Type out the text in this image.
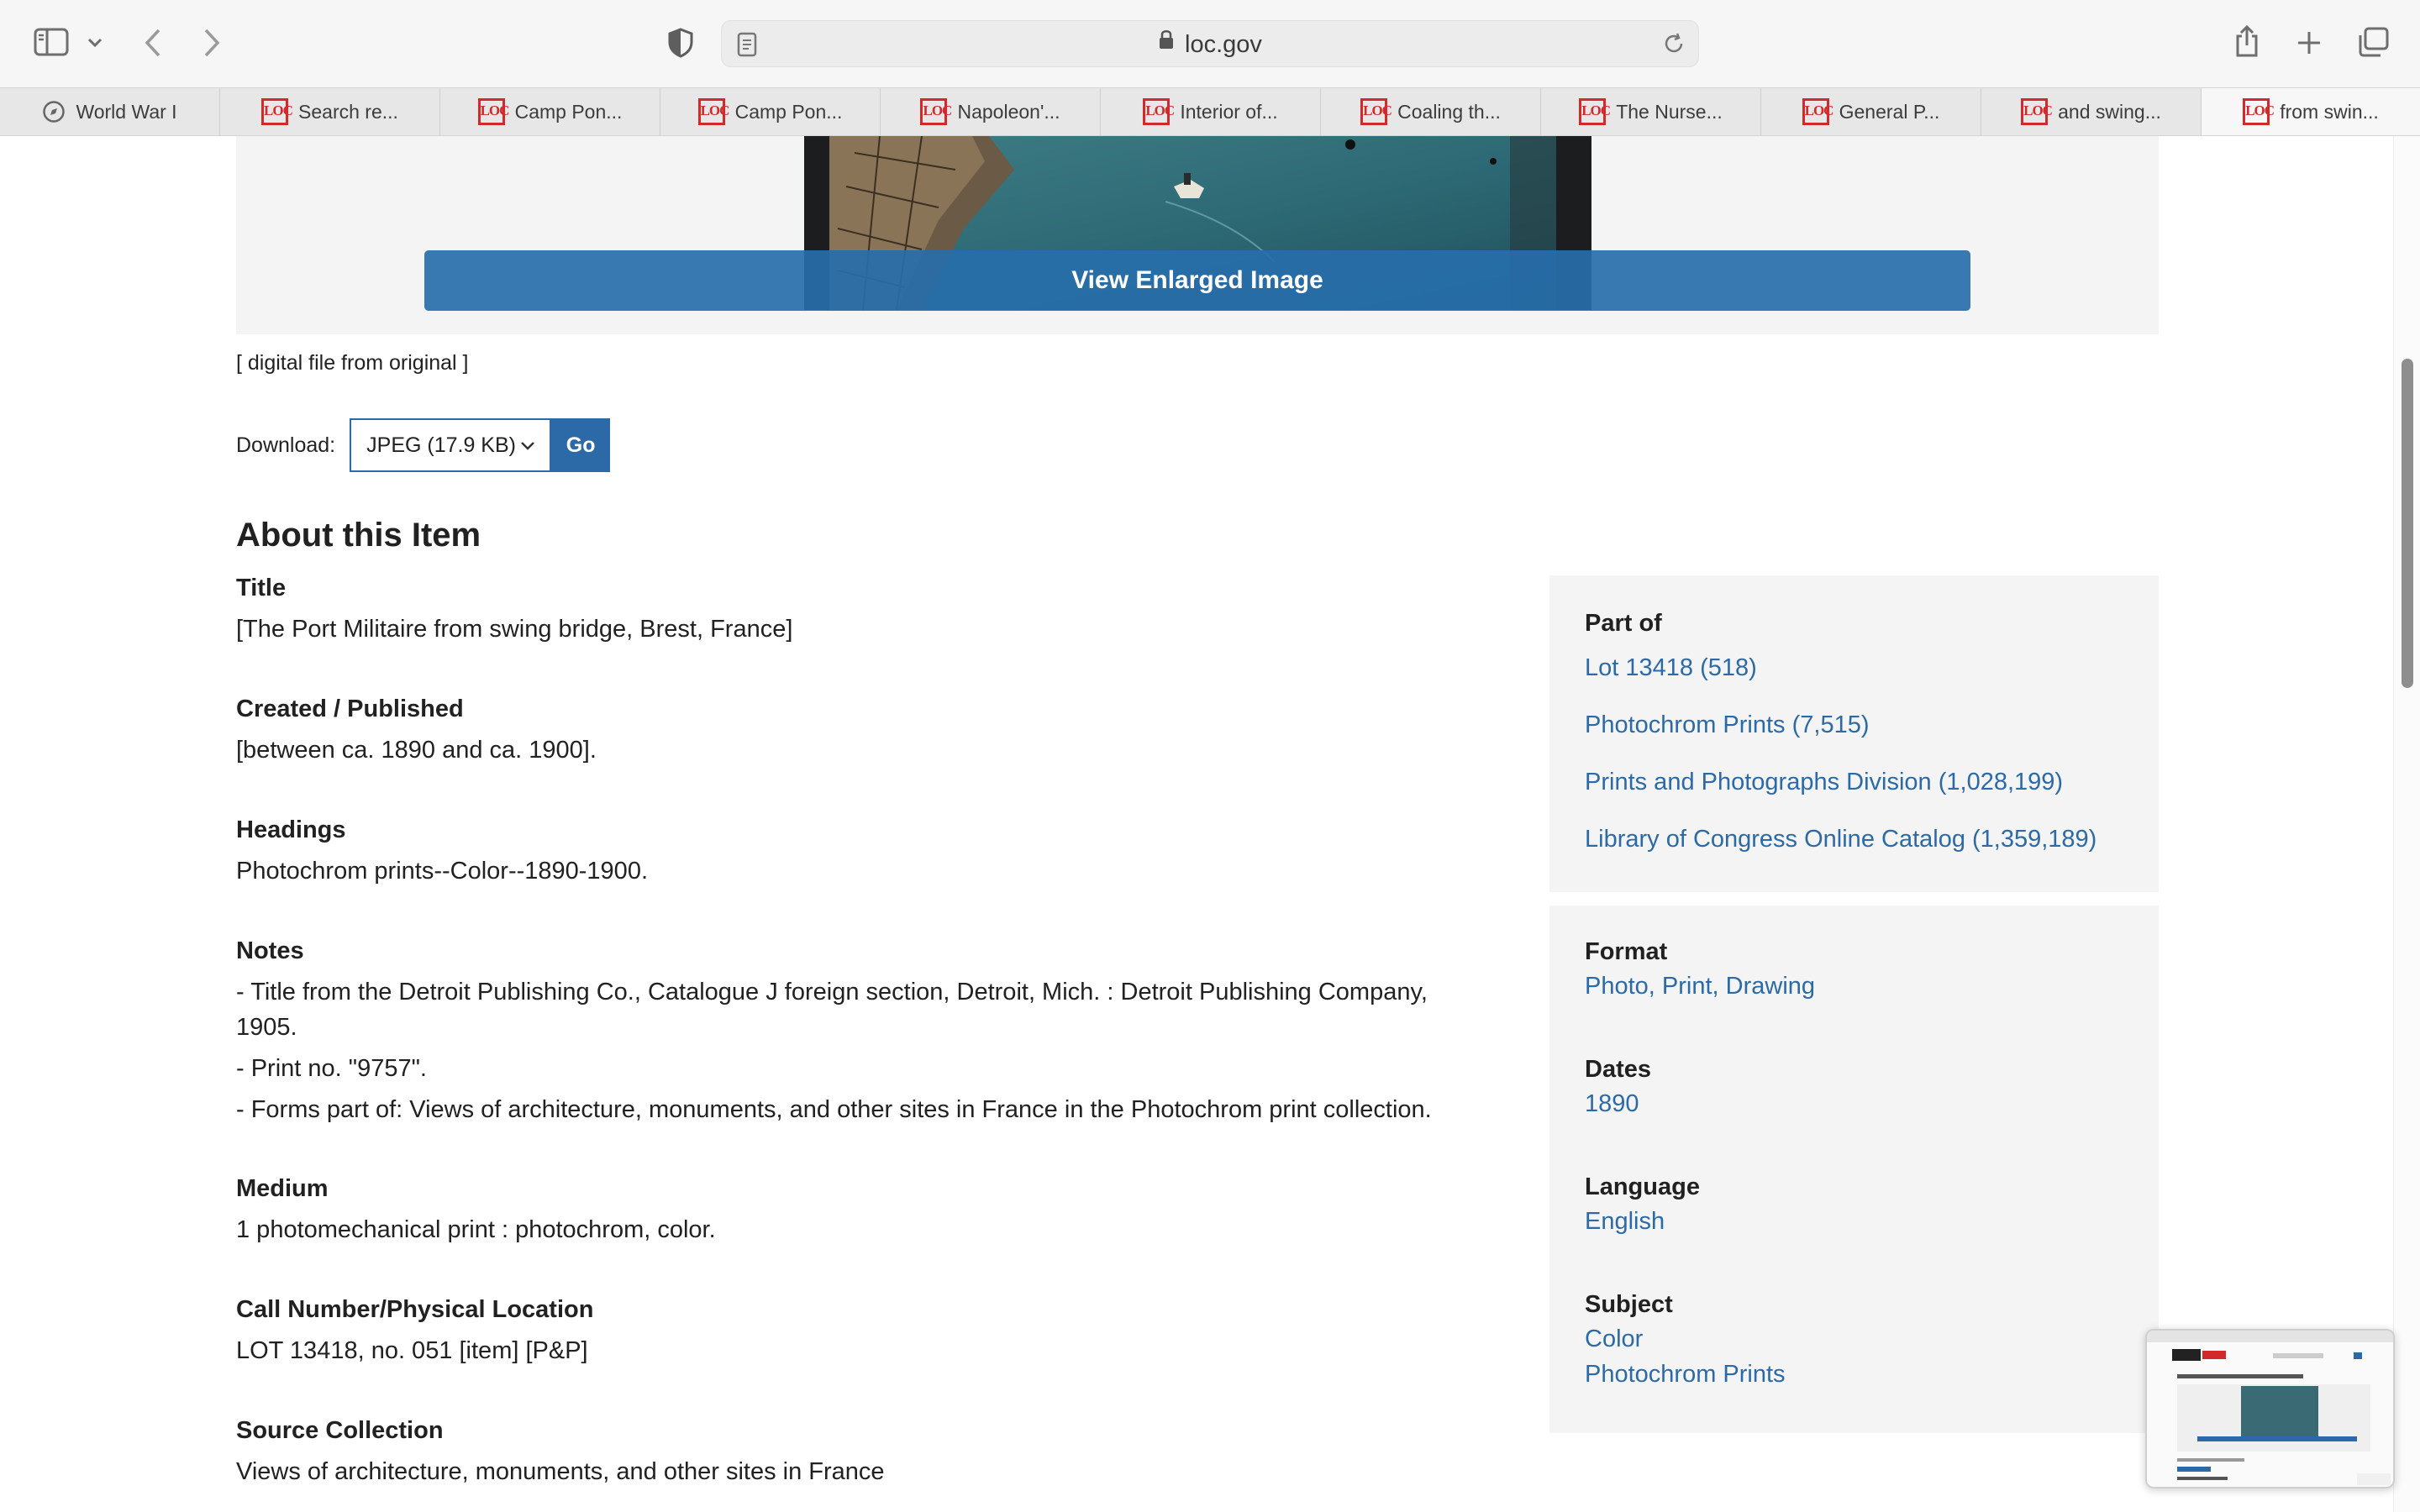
loc.gov
World War I	LOC Search re...	LOC Camp Pon...	LOC Camp Pon...	LOC Napoleon'...	LOC Interior of...	LOC Coaling th...	LOC The Nurse...	LOC General P...	LOC and swing...	LOC from swin...
View Enlarged Image
[ digital file from original ]
Download: JPEG (17.9 KB)	Go
About this Item
Title
[The Port Militaire from swing bridge, Brest, France]
Created / Published
[between ca. 1890 and ca. 1900].
Headings
Photochrom prints--Color--1890-1900.
Notes
- Title from the Detroit Publishing Co., Catalogue J foreign section, Detroit, Mich. : Detroit Publishing Company, 1905.
- Print no. "9757".
- Forms part of: Views of architecture, monuments, and other sites in France in the Photochrom print collection.
Medium
1 photomechanical print : photochrom, color.
Call Number/Physical Location
LOT 13418, no. 051 [item] [P&P]
Source Collection
Views of architecture, monuments, and other sites in France
Part of
Lot 13418 (518)
Photochrom Prints (7,515)
Prints and Photographs Division (1,028,199)
Library of Congress Online Catalog (1,359,189)
Format
Photo, Print, Drawing
Dates
1890
Language
English
Subject
Color
Photochrom Prints
